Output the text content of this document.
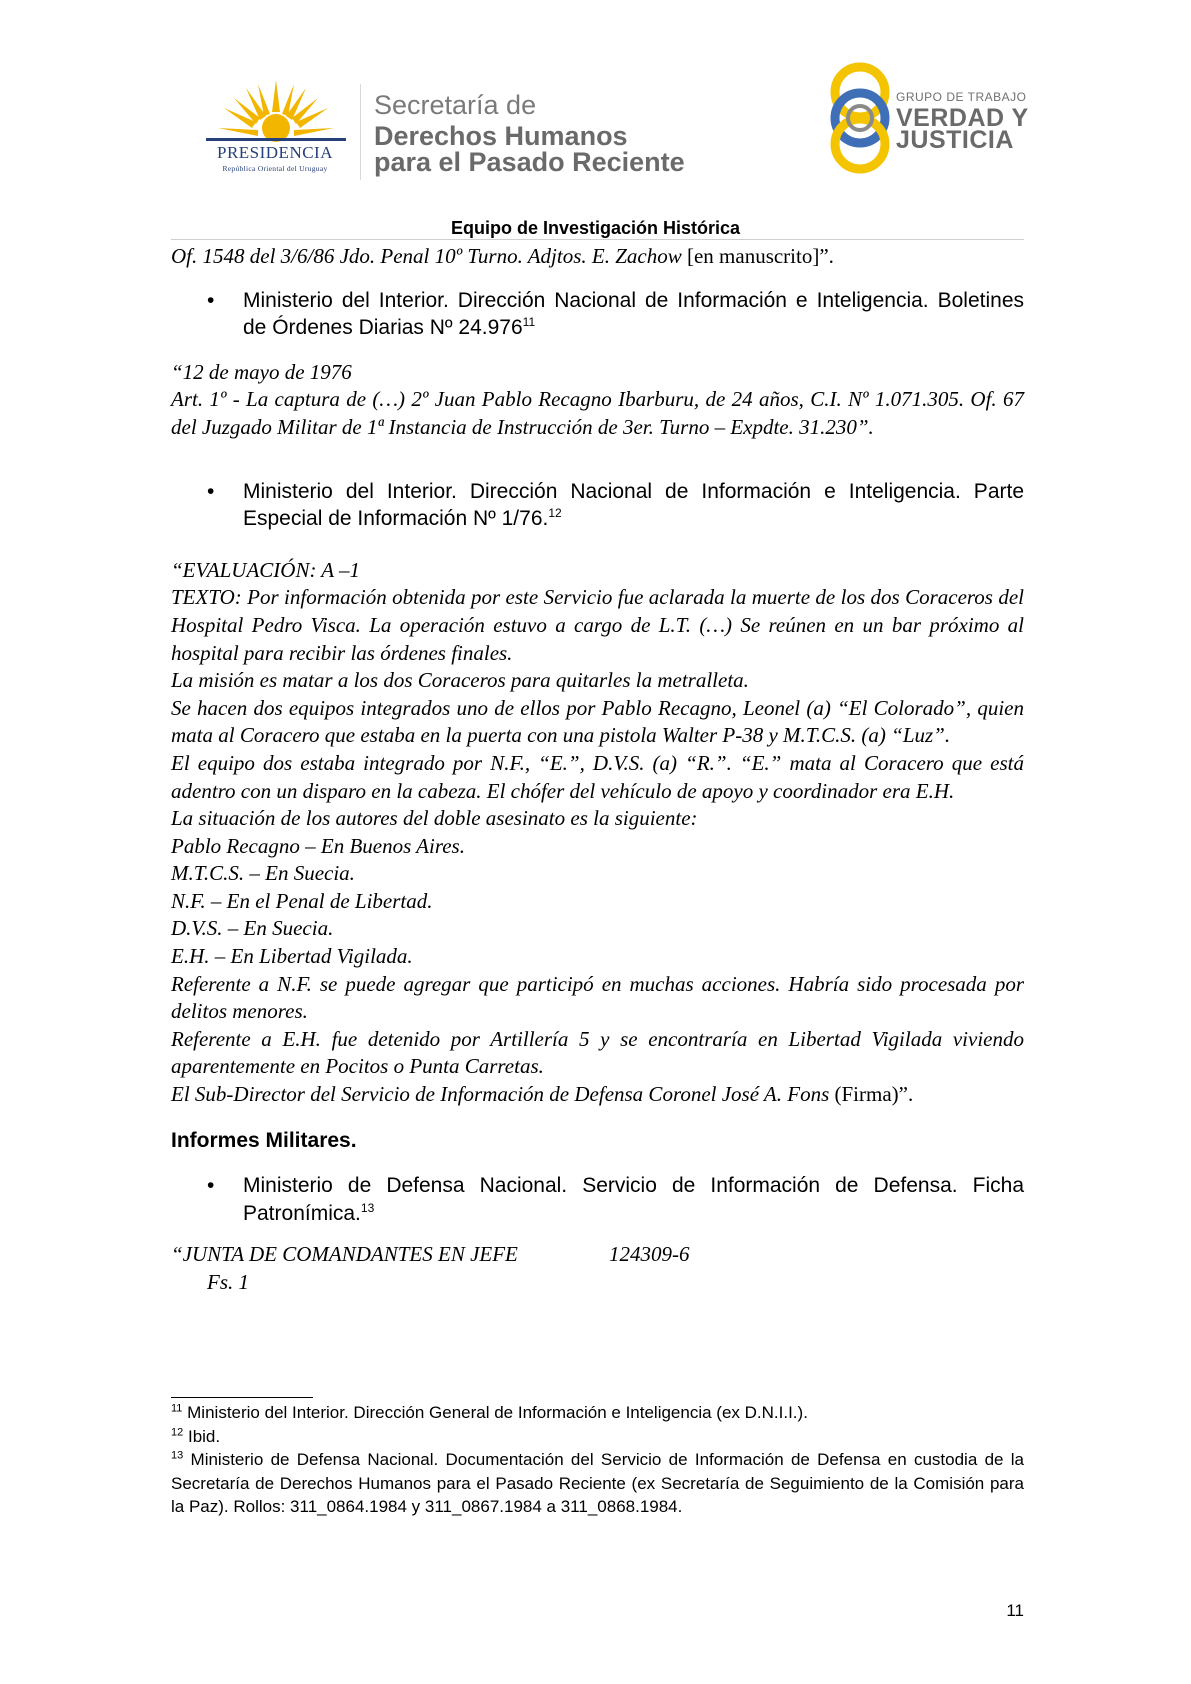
PRESIDENCIA
República Oriental del Uruguay
Secretaría de
Derechos Humanos
para el Pasado Reciente
GRUPO DE TRABAJO
VERDAD Y
JUSTICIA
Equipo de Investigación Histórica

Of. 1548 del 3/6/86 Jdo. Penal 10º Turno. Adjtos. E. Zachow [en manuscrito]”.

• Ministerio del Interior. Dirección Nacional de Información e Inteligencia. Boletines de Órdenes Diarias Nº 24.976$^{11}$

“12 de mayo de 1976

Art. 1º - La captura de (…) 2º Juan Pablo Recagno Ibarburu, de 24 años, C.I. Nº 1.071.305. Of. 67 del Juzgado Militar de 1ª Instancia de Instrucción de 3er. Turno – Expdte. 31.230”.

• Ministerio del Interior. Dirección Nacional de Información e Inteligencia. Parte Especial de Información Nº 1/76.12

“EVALUACIÓN: A –1

TEXTO: Por información obtenida por este Servicio fue aclarada la muerte de los dos Coraceros del Hospital Pedro Visca. La operación estuvo a cargo de L.T. (…) Se reúnen en un bar próximo al hospital para recibir las órdenes finales.

La misión es matar a los dos Coraceros para quitarles la metralleta.

Se hacen dos equipos integrados uno de ellos por Pablo Recagno, Leonel (a) “El Colorado”, quien mata al Coracero que estaba en la puerta con una pistola Walter P-38 y M.T.C.S. (a) “Luz”.

El equipo dos estaba integrado por N.F., “E.”, D.V.S. (a) “R.”. “E.” mata al Coracero que está adentro con un disparo en la cabeza. El chófer del vehículo de apoyo y coordinador era E.H.

La situación de los autores del doble asesinato es la siguiente:

Pablo Recagno – En Buenos Aires.

M.T.C.S. – En Suecia.

N.F. – En el Penal de Libertad.

D.V.S. – En Suecia.

E.H. – En Libertad Vigilada.

Referente a N.F. se puede agregar que participó en muchas acciones. Habría sido procesada por delitos menores.

Referente a E.H. fue detenido por Artillería 5 y se encontraría en Libertad Vigilada viviendo aparentemente en Pocitos o Punta Carretas.

El Sub-Director del Servicio de Información de Defensa Coronel José A. Fons (Firma)”.

Informes Militares.

• Ministerio de Defensa Nacional. Servicio de Información de Defensa. Ficha Patronímica.$^{13}$

“JUNTA DE COMANDANTES EN JEFE	124309-6

Fs. 1

$^{11}$ Ministerio del Interior. Dirección General de Información e Inteligencia (ex D.N.I.I.).

$^{12}$ Ibid.

$^{13}$ Ministerio de Defensa Nacional. Documentación del Servicio de Información de Defensa en custodia de la Secretaría de Derechos Humanos para el Pasado Reciente (ex Secretaría de Seguimiento de la Comisión para la Paz). Rollos: 311_0864.1984 y 311_0867.1984 a 311_0868.1984.

11
